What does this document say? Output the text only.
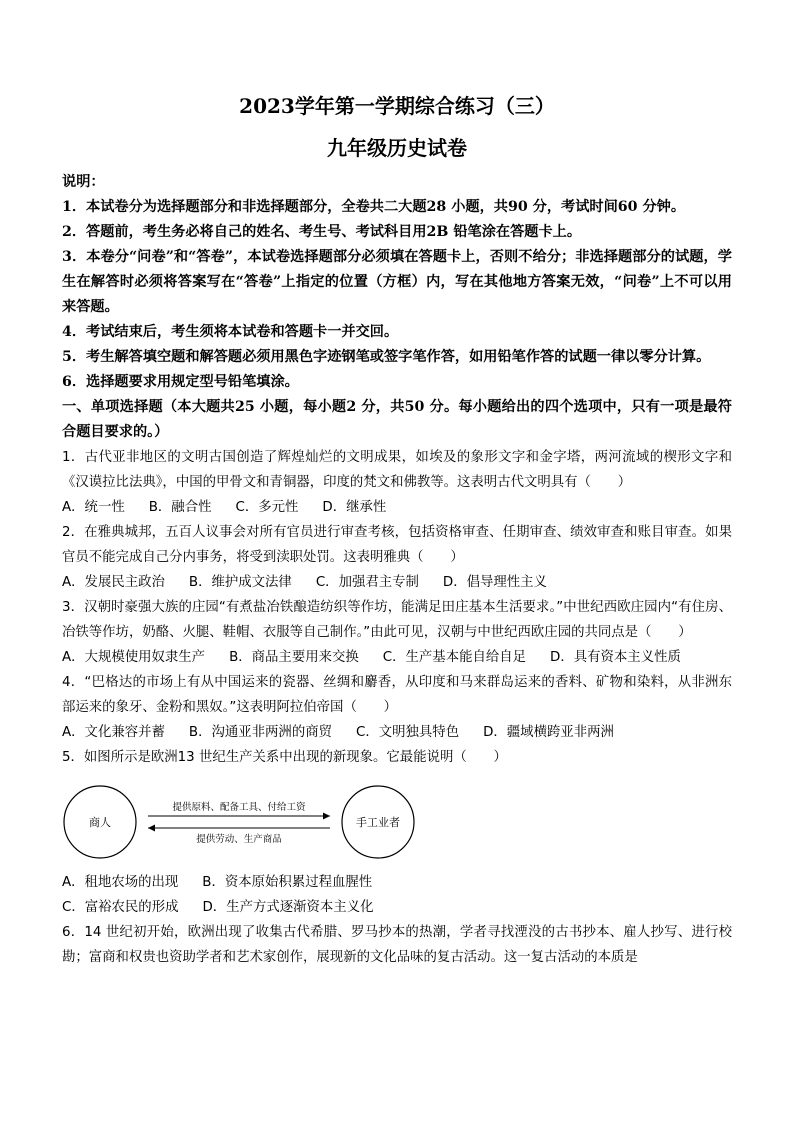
2023学年第一学期综合练习（三）

九年级历史试卷

说明：

1．本试卷分为选择题部分和非选择题部分，全卷共二大题28 小题，共90 分，考试时间60 分钟。

2．答题前，考生务必将自己的姓名、考生号、考试科目用2B 铅笔涂在答题卡上。

3．本卷分“问卷”和“答卷”，本试卷选择题部分必须填在答题卡上，否则不给分；非选择题部分的试题，学生在解答时必须将答案写在“答卷”上指定的位置（方框）内，写在其他地方答案无效，“问卷”上不可以用来答题。

4．考试结束后，考生须将本试卷和答题卡一并交回。

5．考生解答填空题和解答题必须用黑色字迹钢笔或签字笔作答，如用铅笔作答的试题一律以零分计算。

6．选择题要求用规定型号铅笔填涂。

一、单项选择题（本大题共25 小题，每小题2 分，共50 分。每小题给出的四个选项中，只有一项是最符合题目要求的。）

1．古代亚非地区的文明古国创造了辉煌灿烂的文明成果，如埃及的象形文字和金字塔，两河流域的楔形文字和《汉谟拉比法典》，中国的甲骨文和青铜器，印度的梵文和佛教等。这表明古代文明具有（　　）

A．统一性 B．融合性 C．多元性 D．继承性

2．在雅典城邦，五百人议事会对所有官员进行审查考核，包括资格审查、任期审查、绩效审查和账目审查。如果官员不能完成自己分内事务，将受到渎职处罚。这表明雅典（　　）

A．发展民主政治 B．维护成文法律 C．加强君主专制 D．倡导理性主义

3．汉朝时豪强大族的庄园“有煮盐冶铁酿造纺织等作坊，能满足田庄基本生活要求。”中世纪西欧庄园内“有住房、冶铁等作坊，奶酪、火腿、鞋帽、衣服等自己制作。”由此可见，汉朝与中世纪西欧庄园的共同点是（　　）

A．大规模使用奴隶生产 B．商品主要用来交换 C．生产基本能自给自足 D．具有资本主义性质

4．“巴格达的市场上有从中国运来的瓷器、丝绸和麝香，从印度和马来群岛运来的香料、矿物和染料，从非洲东部运来的象牙、金粉和黑奴。”这表明阿拉伯帝国（　　）

A．文化兼容并蓄 B．沟通亚非两洲的商贸 C．文明独具特色 D．疆域横跨亚非两洲

5．如图所示是欧洲13 世纪生产关系中出现的新现象。它最能说明（　　）

商人	手工业者
提供原料、配备工具、付给工资
提供劳动、生产商品
A．租地农场的出现 B．资本原始积累过程血腥性
C．富裕农民的形成 D．生产方式逐渐资本主义化

6．14 世纪初开始，欧洲出现了收集古代希腊、罗马抄本的热潮，学者寻找湮没的古书抄本、雇人抄写、进行校勘；富商和权贵也资助学者和艺术家创作，展现新的文化品味的复古活动。这一复古活动的本质是
